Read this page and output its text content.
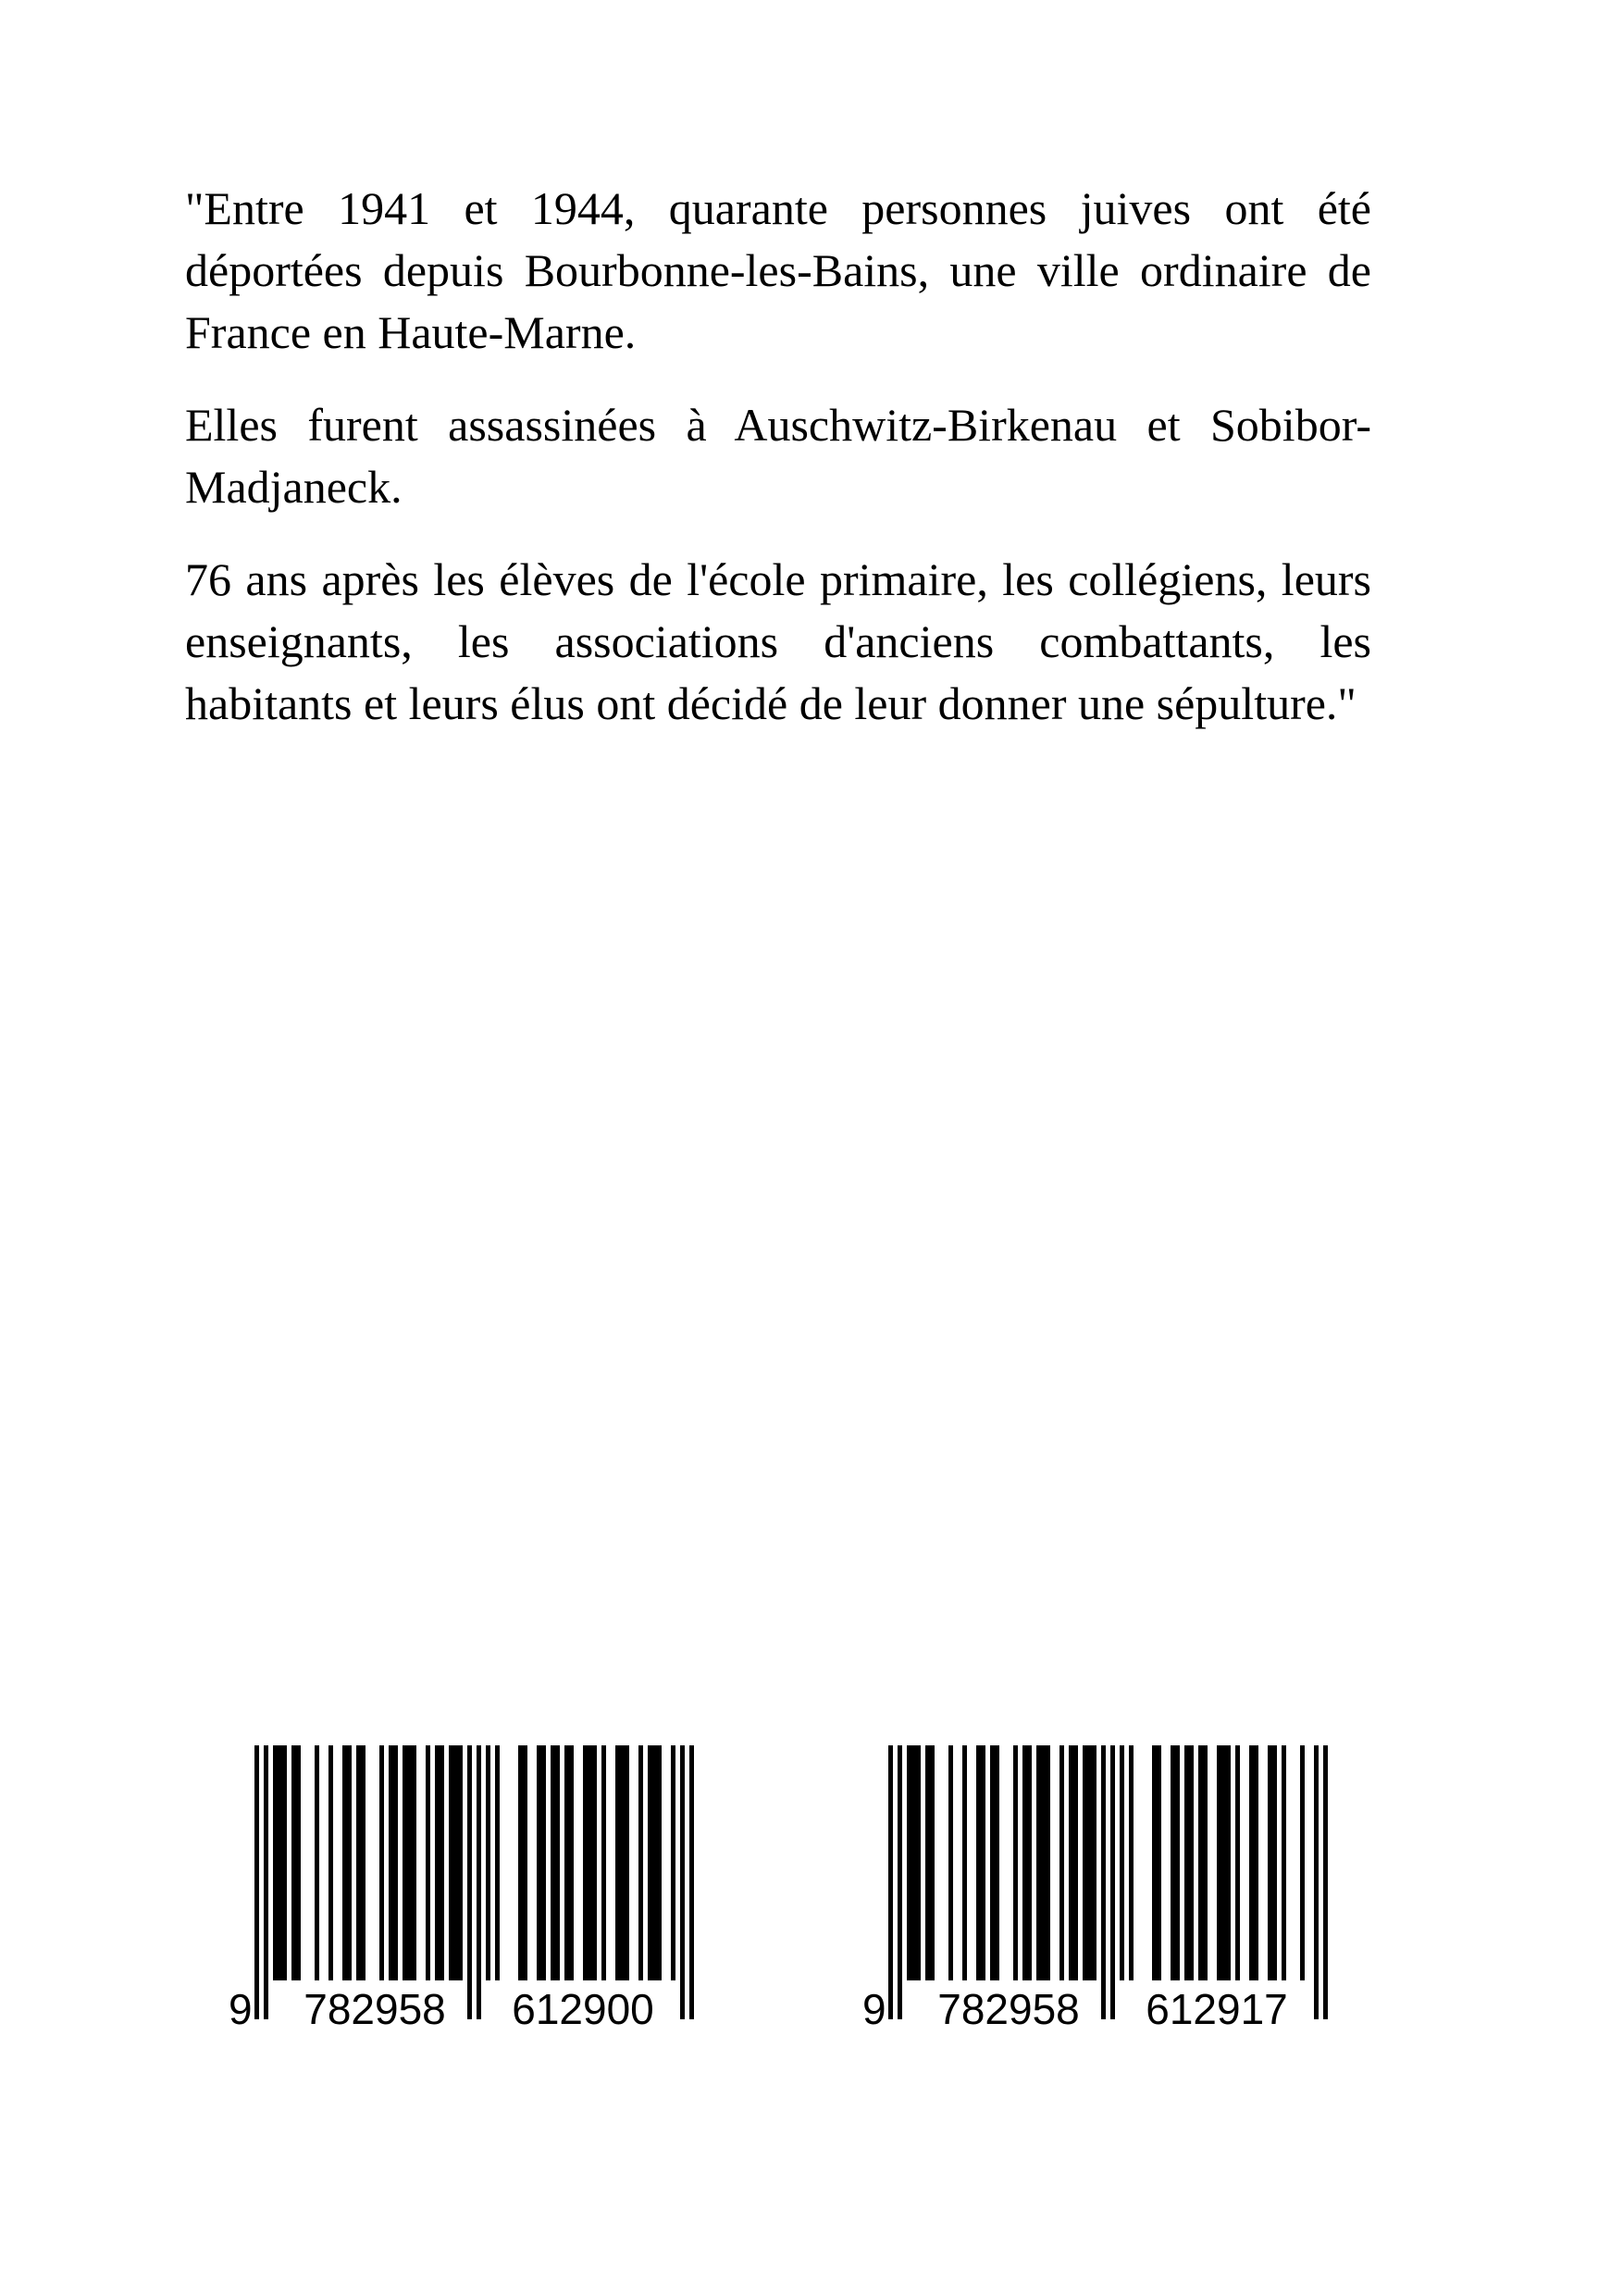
"Entre 1941 et 1944, quarante personnes juives ont été déportées depuis Bourbonne-les-Bains, une ville ordinaire de France en Haute-Marne.

Elles furent assassinées à Auschwitz-Birkenau et Sobibor-Madjaneck.

76 ans après les élèves de l'école primaire, les collégiens, leurs enseignants, les associations d'anciens combattants, les habitants et leurs élus ont décidé de leur donner une sépulture."

9 782958 612900	9 782958 612917
